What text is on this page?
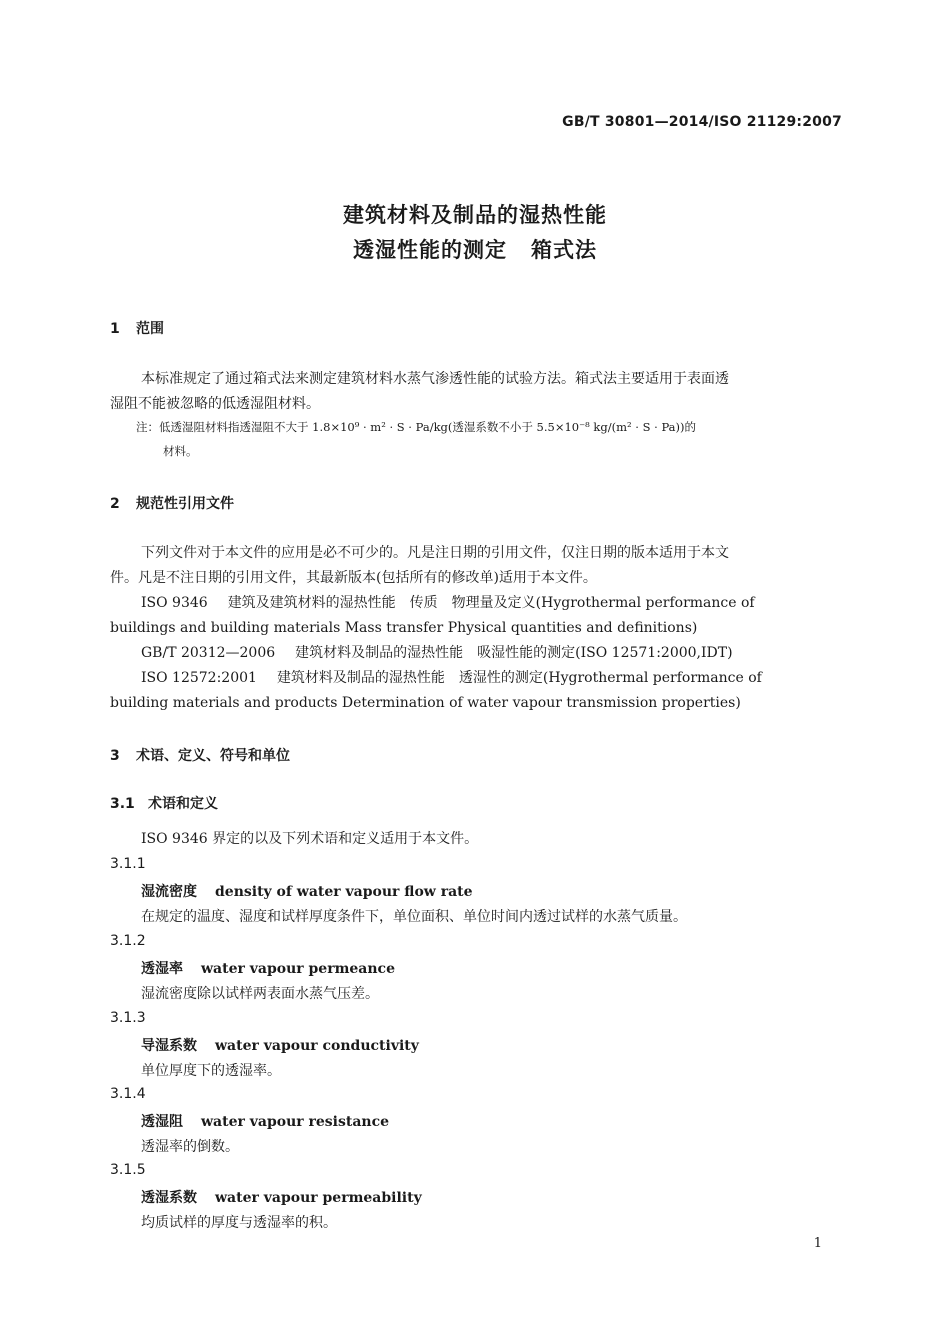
GB/T 30801—2014/ISO 21129:2007
建筑材料及制品的湿热性能
透湿性能的测定 箱式法
1 范围
本标准规定了通过箱式法来测定建筑材料水蒸气渗透性能的试验方法。箱式法主要适用于表面透
湿阻不能被忽略的低透湿阻材料。
注：低透湿阻材料指透湿阻不大于 1.8×10⁹ · m² · S · Pa/kg(透湿系数不小于 5.5×10⁻⁸ kg/(m² · S · Pa))的
材料。
2 规范性引用文件
下列文件对于本文件的应用是必不可少的。凡是注日期的引用文件，仅注日期的版本适用于本文
件。凡是不注日期的引用文件，其最新版本(包括所有的修改单)适用于本文件。
ISO 9346 建筑及建筑材料的湿热性能　传质　物理量及定义(Hygrothermal performance of
buildings and building materials Mass transfer Physical quantities and definitions)
GB/T 20312—2006 建筑材料及制品的湿热性能　吸湿性能的测定(ISO 12571:2000,IDT)
ISO 12572:2001 建筑材料及制品的湿热性能　透湿性的测定(Hygrothermal performance of
building materials and products Determination of water vapour transmission properties)
3 术语、定义、符号和单位
3.1 术语和定义
ISO 9346 界定的以及下列术语和定义适用于本文件。
3.1.1
湿流密度 density of water vapour flow rate
在规定的温度、湿度和试样厚度条件下，单位面积、单位时间内透过试样的水蒸气质量。
3.1.2
透湿率 water vapour permeance
湿流密度除以试样两表面水蒸气压差。
3.1.3
导湿系数 water vapour conductivity
单位厚度下的透湿率。
3.1.4
透湿阻 water vapour resistance
透湿率的倒数。
3.1.5
透湿系数 water vapour permeability
均质试样的厚度与透湿率的积。
1
